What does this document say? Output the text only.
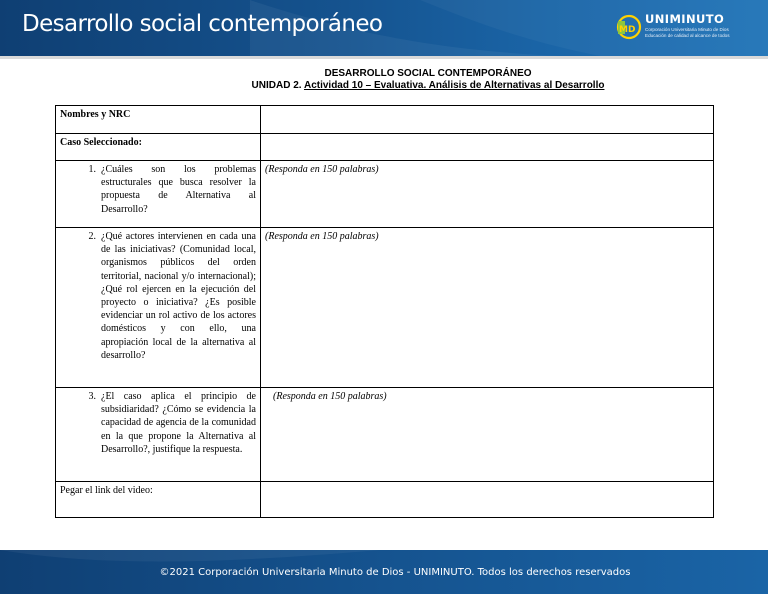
Desarrollo social contemporáneo	MD
UNIMINUTO
Corporación Universitaria Minuto de Dios
Educación de calidad al alcance de todos
DESARROLLO SOCIAL CONTEMPORÁNEO
UNIDAD 2. Actividad 10 – Evaluativa. Análisis de Alternativas al Desarrollo
Nombres y NRC	
Caso Seleccionado:	

1. ¿Cuáles son los problemas estructurales que busca resolver la propuesta de Alternativa al Desarrollo?	(Responda en 150 palabras)

2. ¿Qué actores intervienen en cada una de las iniciativas? (Comunidad local, organismos públicos del orden territorial, nacional y/o internacional); ¿Qué rol ejercen en la ejecución del proyecto o iniciativa? ¿Es posible evidenciar un rol activo de los actores domésticos y con ello, una apropiación local de la alternativa al desarrollo?	(Responda en 150 palabras)

3. ¿El caso aplica el principio de subsidiaridad? ¿Cómo se evidencia la capacidad de agencia de la comunidad en la que propone la Alternativa al Desarrollo?, justifique la respuesta.	(Responda en 150 palabras)
Pegar el link del video:	
©2021 Corporación Universitaria Minuto de Dios - UNIMINUTO. Todos los derechos reservados
